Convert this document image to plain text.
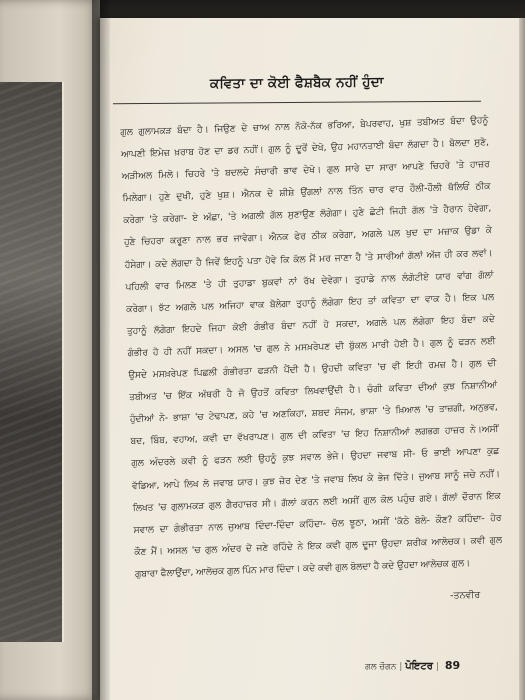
ਕਵਿਤਾ ਦਾ ਕੋਈ ਫੈਸ਼ਬੈਕ ਨਹੀਂ ਹੁੰਦਾ
ਗੁਲ ਗੁਲਾਮਕੜ ਬੰਦਾ ਹੈ। ਜਿਉਣ ਦੇ ਚਾਅ ਨਾਲ ਨੱਕੋ-ਨੱਕ ਭਰਿਆ, ਬੇਪਰਵਾਹ, ਖੁਸ਼ ਤਬੀਅਤ ਬੰਦਾ ਉਹਨੂੰ
ਆਪਣੀ ਇਮੇਜ਼ ਖ਼ਰਾਬ ਹੋਣ ਦਾ ਡਰ ਨਹੀਂ। ਗੁਲ ਨੂੰ ਦੂਰੋਂ ਦੇਖੋ, ਉਹ ਮਹਾਨਤਾਈ ਬੰਦਾ ਲੱਗਦਾ ਹੈ। ਬੋਲਦਾ ਸੁਣੋ,
ਅੜੀਅਲ ਮਿਲੋ। ਚਿਹਰੇ 'ਤੇ ਬਦਲਦੇ ਸੰਚਾਰੀ ਭਾਵ ਦੇਖੋ। ਗੁਲ ਸਾਰੇ ਦਾ ਸਾਰਾ ਆਪਣੇ ਚਿਹਰੇ 'ਤੇ ਹਾਜ਼ਰ
ਮਿਲੇਗਾ। ਹੁਣੇ ਦੁਖੀ, ਹੁਣੇ ਖੁਸ਼। ਐਨਕ ਦੇ ਸ਼ੀਸ਼ੇ ਉਂਗਲਾਂ ਨਾਲ ਤਿੰਨ ਚਾਰ ਵਾਰ ਹੌਲੀ-ਹੌਲੀ ਥੱਲਿਓਂ ਠੀਕ
ਕਰੇਗਾ 'ਤੇ ਕਰੇਗਾ- ਏ ਅੱਛਾ, 'ਤੇ ਅਗਲੀ ਗੱਲ ਸੁਣਾਉਣ ਲੱਗੇਗਾ। ਹੁਣੇ ਛੋਟੀ ਜਿਹੀ ਗੱਲ 'ਤੇ ਹੈਰਾਨ ਹੋਵੇਗਾ,
ਹੁਣੇ ਚਿਹਰਾ ਕਰੂਣਾ ਨਾਲ ਭਰ ਜਾਵੇਗਾ। ਐਨਕ ਫੇਰ ਠੀਕ ਕਰੇਗਾ, ਅਗਲੇ ਪਲ ਖੁਦ ਦਾ ਮਜ਼ਾਕ ਉਡਾ ਕੇ
ਹੱਸੇਗਾ। ਕਦੇ ਲੱਗਦਾ ਹੈ ਜਿਵੇਂ ਇਹਨੂੰ ਪਤਾ ਹੋਵੇ ਕਿ ਕੱਲ ਮੈਂ ਮਰ ਜਾਣਾ ਹੈ 'ਤੇ ਸਾਰੀਆਂ ਗੱਲਾਂ ਅੱਜ ਹੀ ਕਰ ਲਵਾਂ।
ਪਹਿਲੀ ਵਾਰ ਮਿਲਣ 'ਤੇ ਹੀ ਤੁਹਾਡਾ ਬੁਕਵਾਂ ਨਾਂ ਰੱਖ ਦੇਵੇਗਾ। ਤੁਹਾਡੇ ਨਾਲ ਲੰਗੋਟੀਏ ਯਾਰ ਵਾਂਗ ਗੱਲਾਂ
ਕਰੇਗਾ। ਝੱਟ ਅਗਲੇ ਪਲ ਅਜਿਹਾ ਵਾਕ ਬੋਲੇਗਾ ਤੁਹਾਨੂੰ ਲੱਗੇਗਾ ਇਹ ਤਾਂ ਕਵਿਤਾ ਦਾ ਵਾਕ ਹੈ। ਇਕ ਪਲ
ਤੁਹਾਨੂੰ ਲੱਗੇਗਾ ਇਹਦੇ ਜਿਹਾ ਕੋਈ ਗੰਭੀਰ ਬੰਦਾ ਨਹੀਂ ਹੋ ਸਕਦਾ, ਅਗਲੇ ਪਲ ਲੱਗੇਗਾ ਇਹ ਬੰਦਾ ਕਦੇ
ਗੰਭੀਰ ਹੋ ਹੀ ਨਹੀਂ ਸਕਦਾ। ਅਸਲ 'ਚ ਗੁਲ ਨੇ ਮਸਖ਼ਰੇਪਣ ਦੀ ਬੁੱਕਲ ਮਾਰੀ ਹੋਈ ਹੈ। ਗੁਲ ਨੂੰ ਫੜਨ ਲਈ
ਉਸਦੇ ਮਸਖ਼ਰੇਪਣ ਪਿਛਲੀ ਗੰਭੀਰਤਾ ਫੜਨੀ ਪੈਂਦੀ ਹੈ। ਉਹਦੀ ਕਵਿਤਾ 'ਚ ਵੀ ਇਹੀ ਰਮਜ਼ ਹੈ। ਗੁਲ ਦੀ
ਤਬੀਅਤ 'ਚ ਇੱਕ ਅੱਥਰੀ ਹੈ ਜੋ ਉਹਤੋਂ ਕਵਿਤਾ ਲਿਖਵਾਉਂਦੀ ਹੈ। ਚੰਗੀ ਕਵਿਤਾ ਦੀਆਂ ਕੁਝ ਨਿਸ਼ਾਨੀਆਂ
ਹੁੰਦੀਆਂ ਨੇ- ਭਾਸ਼ਾ 'ਚ ਟੇਢਾਪਣ, ਕਹੇ 'ਚ ਅਣਕਿਹਾ, ਸ਼ਬਦ ਸੰਜਮ, ਭਾਸ਼ਾ 'ਤੇ ਖ਼ਿਆਲ 'ਚ ਤਾਜ਼ਗੀ, ਅਨੁਭਵ,
ਬਦ, ਬਿੰਬ, ਵਹਾਅ, ਕਵੀ ਦਾ ਵੱਖਰਾਪਣ। ਗੁਲ ਦੀ ਕਵਿਤਾ 'ਚ ਇਹ ਨਿਸ਼ਾਨੀਆਂ ਲਗਭਗ ਹਾਜ਼ਰ ਨੇ।ਅਸੀਂ
ਗੁਲ ਅੰਦਰਲੇ ਕਵੀ ਨੂੰ ਫੜਨ ਲਈ ਉਹਨੂੰ ਕੁਝ ਸਵਾਲ ਭੇਜੇ। ਉਹਦਾ ਜਵਾਬ ਸੀ- ਓ ਭਾਈ ਆਪਣਾ ਕੁਛ
ਵੱਡਿਆ, ਆਪੇ ਲਿਖ ਲੋ ਜਵਾਬ ਯਾਰ। ਕੁਝ ਜ਼ੋਰ ਦੇਣ 'ਤੇ ਜਵਾਬ ਲਿਖ ਕੇ ਭੇਜ ਦਿੱਤੇ। ਜੁਆਬ ਸਾਨੂੰ ਜਚੇ ਨਹੀਂ।
ਲਿਖਤ 'ਚ ਗੁਲਾਮਕੜ ਗੁਲ ਗੈਰਹਾਜ਼ਰ ਸੀ। ਗੱਲਾਂ ਕਰਨ ਲਈ ਅਸੀਂ ਗੁਲ ਕੋਲ ਪਹੁੰਚ ਗਏ। ਗੱਲਾਂ ਦੌਰਾਨ ਇਕ
ਸਵਾਲ ਦਾ ਗੰਭੀਰਤਾ ਨਾਲ ਜੁਆਬ ਦਿੰਦਾ-ਦਿੰਦਾ ਕਹਿੰਦਾ- ਚੱਲ ਝੂਠਾ, ਅਸੀਂ 'ਕੱਠੇ ਬੋਲੇ- ਕੌਣ? ਕਹਿੰਦਾ- ਹੋਰ
ਕੌਣ ਮੈਂ। ਅਸਲ 'ਚ ਗੁਲ ਅੰਦਰ ਦੋ ਜਣੇ ਰਹਿੰਦੇ ਨੇ ਇਕ ਕਵੀ ਗੁਲ ਦੂਜਾ ਉਹਦਾ ਸ਼ਰੀਕ ਆਲੋਚਕ। ਕਵੀ ਗੁਲ
ਗੁਬਾਰਾ ਫੈਲਾਉਂਦਾ, ਆਲੋਚਕ ਗੁਲ ਪਿੰਨ ਮਾਰ ਦਿੰਦਾ। ਕਦੇ ਕਵੀ ਗੁਲ ਬੋਲਦਾ ਹੈ ਕਦੇ ਉਹਦਾ ਆਲੋਚਕ ਗੁਲ।
-ਤਨਵੀਰ
ਗਲ ਚੌਗਨ | ਪੋਇਟਰ | 89
